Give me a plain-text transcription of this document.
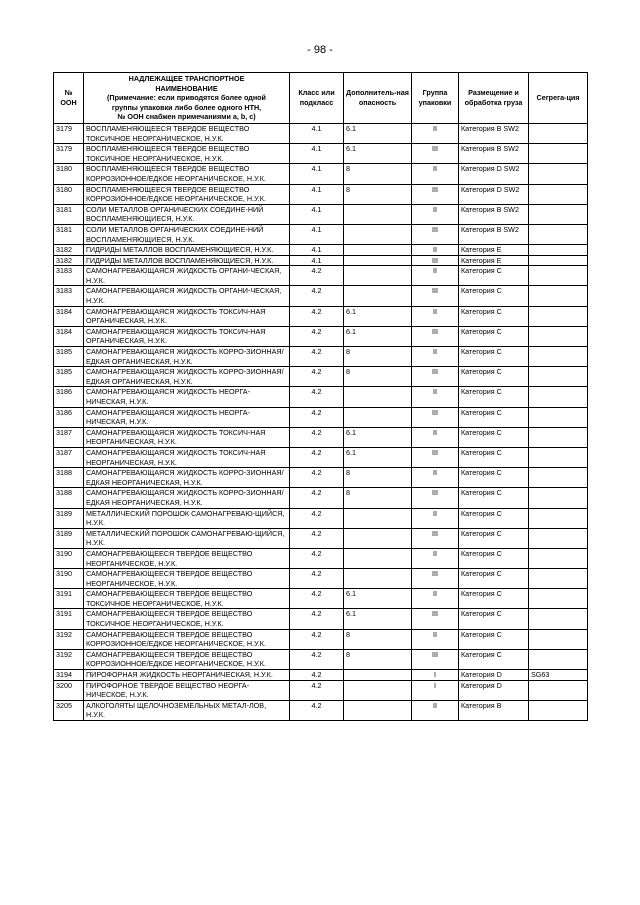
- 98 -
№ ООН	НАДЛЕЖАЩЕЕ ТРАНСПОРТНОЕ
НАИМЕНОВАНИЕ
(Примечание: если приводятся более одной
группы упаковки либо более одного НТН,
№ ООН снабжен примечаниями a, b, c)	Класс или подкласс	Дополнитель-ная опасность	Группа упаковки	Размещение и обработка груза	Сегрега-ция
3179	ВОСПЛАМЕНЯЮЩЕЕСЯ ТВЕРДОЕ ВЕЩЕСТВО ТОКСИЧНОЕ НЕОРГАНИЧЕСКОЕ, Н.У.К.	4.1	6.1	II	Категория B SW2	
3179	ВОСПЛАМЕНЯЮЩЕЕСЯ ТВЕРДОЕ ВЕЩЕСТВО ТОКСИЧНОЕ НЕОРГАНИЧЕСКОЕ, Н.У.К.	4.1	6.1	III	Категория B SW2	
3180	ВОСПЛАМЕНЯЮЩЕЕСЯ ТВЕРДОЕ ВЕЩЕСТВО КОРРОЗИОННОЕ/ЕДКОЕ НЕОРГАНИЧЕСКОЕ, Н.У.К.	4.1	8	II	Категория D SW2	
3180	ВОСПЛАМЕНЯЮЩЕЕСЯ ТВЕРДОЕ ВЕЩЕСТВО КОРРОЗИОННОЕ/ЕДКОЕ НЕОРГАНИЧЕСКОЕ, Н.У.К.	4.1	8	III	Категория D SW2	
3181	СОЛИ МЕТАЛЛОВ ОРГАНИЧЕСКИХ СОЕДИНЕ-НИЙ ВОСПЛАМЕНЯЮЩИЕСЯ, Н.У.К.	4.1		II	Категория B SW2	
3181	СОЛИ МЕТАЛЛОВ ОРГАНИЧЕСКИХ СОЕДИНЕ-НИЙ ВОСПЛАМЕНЯЮЩИЕСЯ, Н.У.К.	4.1		III	Категория B SW2	
3182	ГИДРИДЫ МЕТАЛЛОВ ВОСПЛАМЕНЯЮЩИЕСЯ, Н.У.К.	4.1		II	Категория E	
3182	ГИДРИДЫ МЕТАЛЛОВ ВОСПЛАМЕНЯЮЩИЕСЯ, Н.У.К.	4.1		III	Категория E	
3183	САМОНАГРЕВАЮЩАЯСЯ ЖИДКОСТЬ ОРГАНИ-ЧЕСКАЯ, Н.У.К.	4.2		II	Категория C	
3183	САМОНАГРЕВАЮЩАЯСЯ ЖИДКОСТЬ ОРГАНИ-ЧЕСКАЯ, Н.У.К.	4.2		III	Категория C	
3184	САМОНАГРЕВАЮЩАЯСЯ ЖИДКОСТЬ ТОКСИЧ-НАЯ ОРГАНИЧЕСКАЯ, Н.У.К.	4.2	6.1	II	Категория C	
3184	САМОНАГРЕВАЮЩАЯСЯ ЖИДКОСТЬ ТОКСИЧ-НАЯ ОРГАНИЧЕСКАЯ, Н.У.К.	4.2	6.1	III	Категория C	
3185	САМОНАГРЕВАЮЩАЯСЯ ЖИДКОСТЬ КОРРО-ЗИОННАЯ/ЕДКАЯ ОРГАНИЧЕСКАЯ, Н.У.К.	4.2	8	II	Категория C	
3185	САМОНАГРЕВАЮЩАЯСЯ ЖИДКОСТЬ КОРРО-ЗИОННАЯ/ЕДКАЯ ОРГАНИЧЕСКАЯ, Н.У.К.	4.2	8	III	Категория C	
3186	САМОНАГРЕВАЮЩАЯСЯ ЖИДКОСТЬ НЕОРГА-НИЧЕСКАЯ, Н.У.К.	4.2		II	Категория C	
3186	САМОНАГРЕВАЮЩАЯСЯ ЖИДКОСТЬ НЕОРГА-НИЧЕСКАЯ, Н.У.К.	4.2		III	Категория C	
3187	САМОНАГРЕВАЮЩАЯСЯ ЖИДКОСТЬ ТОКСИЧ-НАЯ НЕОРГАНИЧЕСКАЯ, Н.У.К.	4.2	6.1	II	Категория C	
3187	САМОНАГРЕВАЮЩАЯСЯ ЖИДКОСТЬ ТОКСИЧ-НАЯ НЕОРГАНИЧЕСКАЯ, Н.У.К.	4.2	6.1	III	Категория C	
3188	САМОНАГРЕВАЮЩАЯСЯ ЖИДКОСТЬ КОРРО-ЗИОННАЯ/ЕДКАЯ НЕОРГАНИЧЕСКАЯ, Н.У.К.	4.2	8	II	Категория C	
3188	САМОНАГРЕВАЮЩАЯСЯ ЖИДКОСТЬ КОРРО-ЗИОННАЯ/ЕДКАЯ НЕОРГАНИЧЕСКАЯ, Н.У.К.	4.2	8	III	Категория C	
3189	МЕТАЛЛИЧЕСКИЙ ПОРОШОК САМОНАГРЕВАЮ-ЩИЙСЯ, Н.У.К.	4.2		II	Категория C	
3189	МЕТАЛЛИЧЕСКИЙ ПОРОШОК САМОНАГРЕВАЮ-ЩИЙСЯ, Н.У.К.	4.2		III	Категория C	
3190	САМОНАГРЕВАЮЩЕЕСЯ ТВЕРДОЕ ВЕЩЕСТВО НЕОРГАНИЧЕСКОЕ, Н.У.К.	4.2		II	Категория C	
3190	САМОНАГРЕВАЮЩЕЕСЯ ТВЕРДОЕ ВЕЩЕСТВО НЕОРГАНИЧЕСКОЕ, Н.У.К.	4.2		III	Категория C	
3191	САМОНАГРЕВАЮЩЕЕСЯ ТВЕРДОЕ ВЕЩЕСТВО ТОКСИЧНОЕ НЕОРГАНИЧЕСКОЕ, Н.У.К.	4.2	6.1	II	Категория C	
3191	САМОНАГРЕВАЮЩЕЕСЯ ТВЕРДОЕ ВЕЩЕСТВО ТОКСИЧНОЕ НЕОРГАНИЧЕСКОЕ, Н.У.К.	4.2	6.1	III	Категория C	
3192	САМОНАГРЕВАЮЩЕЕСЯ ТВЕРДОЕ ВЕЩЕСТВО КОРРОЗИОННОЕ/ЕДКОЕ НЕОРГАНИЧЕСКОЕ, Н.У.К.	4.2	8	II	Категория C	
3192	САМОНАГРЕВАЮЩЕЕСЯ ТВЕРДОЕ ВЕЩЕСТВО КОРРОЗИОННОЕ/ЕДКОЕ НЕОРГАНИЧЕСКОЕ, Н.У.К.	4.2	8	III	Категория C	
3194	ПИРОФОРНАЯ ЖИДКОСТЬ НЕОРГАНИЧЕСКАЯ, Н.У.К.	4.2		I	Категория D	SG63
3200	ПИРОФОРНОЕ ТВЕРДОЕ ВЕЩЕСТВО НЕОРГА-НИЧЕСКОЕ, Н.У.К.	4.2		I	Категория D	
3205	АЛКОГОЛЯТЫ ЩЕЛОЧНОЗЕМЕЛЬНЫХ МЕТАЛ-ЛОВ, Н.У.К.	4.2		II	Категория B	
